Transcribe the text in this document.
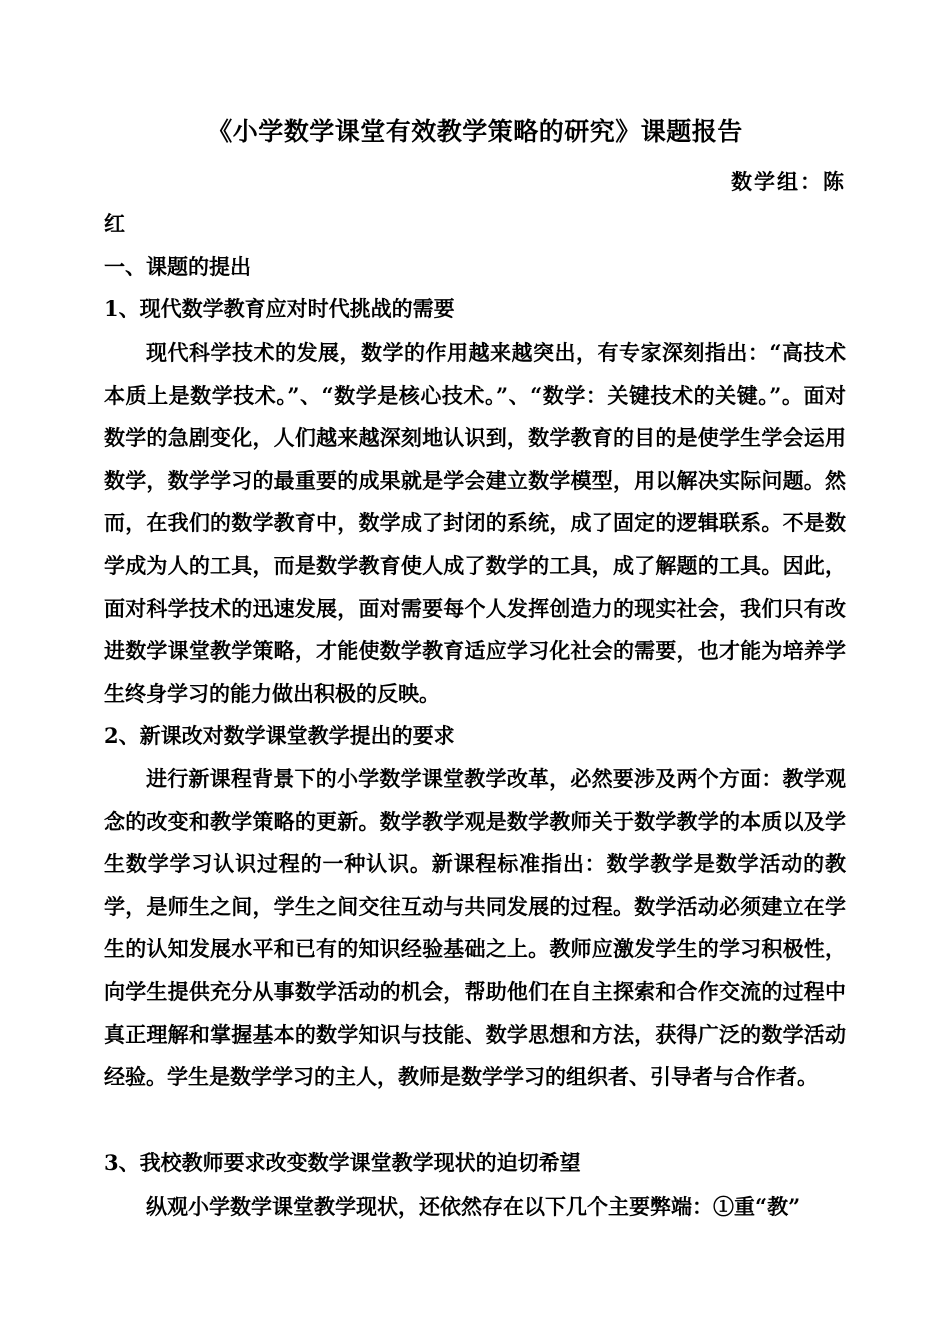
《小学数学课堂有效教学策略的研究》课题报告
数学组：陈
红
一、课题的提出
1、现代数学教育应对时代挑战的需要
现代科学技术的发展，数学的作用越来越突出，有专家深刻指出：“高技术本质上是数学技术。”、“数学是核心技术。”、“数学：关键技术的关键。”。面对数学的急剧变化，人们越来越深刻地认识到，数学教育的目的是使学生学会运用数学，数学学习的最重要的成果就是学会建立数学模型，用以解决实际问题。然而，在我们的数学教育中，数学成了封闭的系统，成了固定的逻辑联系。不是数学成为人的工具，而是数学教育使人成了数学的工具，成了解题的工具。因此，面对科学技术的迅速发展，面对需要每个人发挥创造力的现实社会，我们只有改进数学课堂教学策略，才能使数学教育适应学习化社会的需要，也才能为培养学生终身学习的能力做出积极的反映。
2、新课改对数学课堂教学提出的要求
进行新课程背景下的小学数学课堂教学改革，必然要涉及两个方面：教学观念的改变和教学策略的更新。数学教学观是数学教师关于数学教学的本质以及学生数学学习认识过程的一种认识。新课程标准指出：数学教学是数学活动的教学，是师生之间，学生之间交往互动与共同发展的过程。数学活动必须建立在学生的认知发展水平和已有的知识经验基础之上。教师应激发学生的学习积极性，向学生提供充分从事数学活动的机会，帮助他们在自主探索和合作交流的过程中真正理解和掌握基本的数学知识与技能、数学思想和方法，获得广泛的数学活动经验。学生是数学学习的主人，教师是数学学习的组织者、引导者与合作者。
3、我校教师要求改变数学课堂教学现状的迫切希望
纵观小学数学课堂教学现状，还依然存在以下几个主要弊端：①重“教”
